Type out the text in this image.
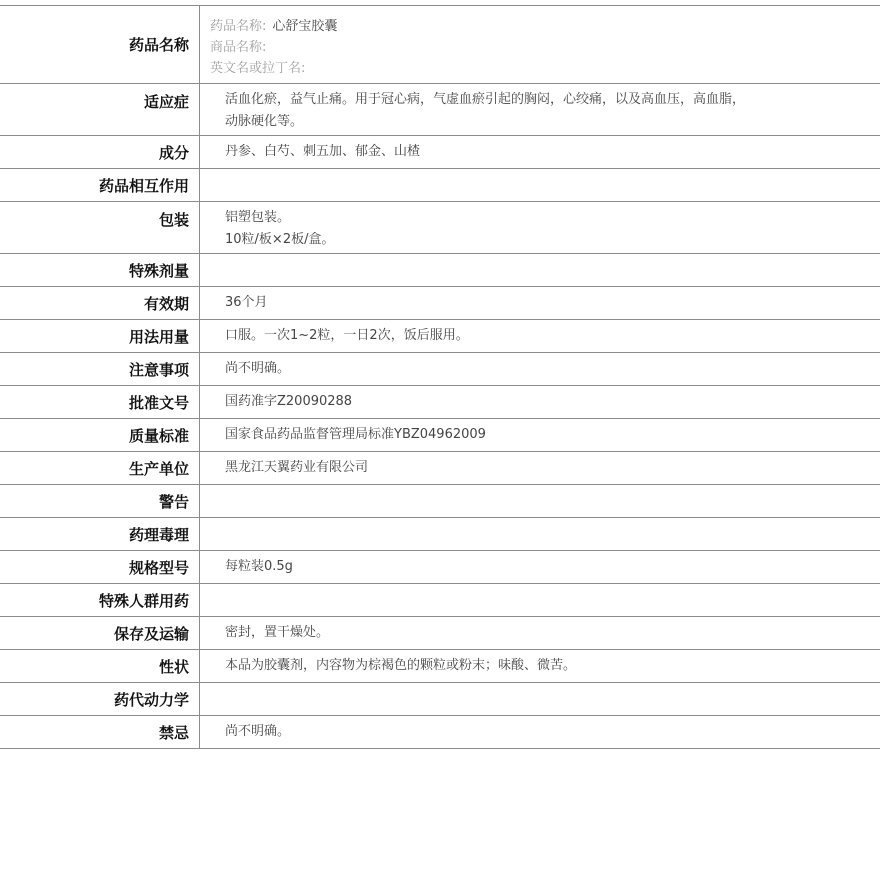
药品名称
药品名称: 心舒宝胶囊
商品名称:
英文名或拉丁名:
适应症	活血化瘀，益气止痛。用于冠心病，气虚血瘀引起的胸闷，心绞痛，以及高血压，高血脂，
动脉硬化等。
成分	丹参、白芍、刺五加、郁金、山楂
药品相互作用
包装	铝塑包装。
10粒/板×2板/盒。
特殊剂量
有效期	36个月
用法用量	口服。一次1~2粒，一日2次，饭后服用。
注意事项	尚不明确。
批准文号	国药准字Z20090288
质量标准	国家食品药品监督管理局标准YBZ04962009
生产单位	黑龙江天翼药业有限公司
警告
药理毒理
规格型号	每粒装0.5g
特殊人群用药
保存及运输	密封，置干燥处。
性状	本品为胶囊剂，内容物为棕褐色的颗粒或粉末；味酸、微苦。
药代动力学
禁忌	尚不明确。
